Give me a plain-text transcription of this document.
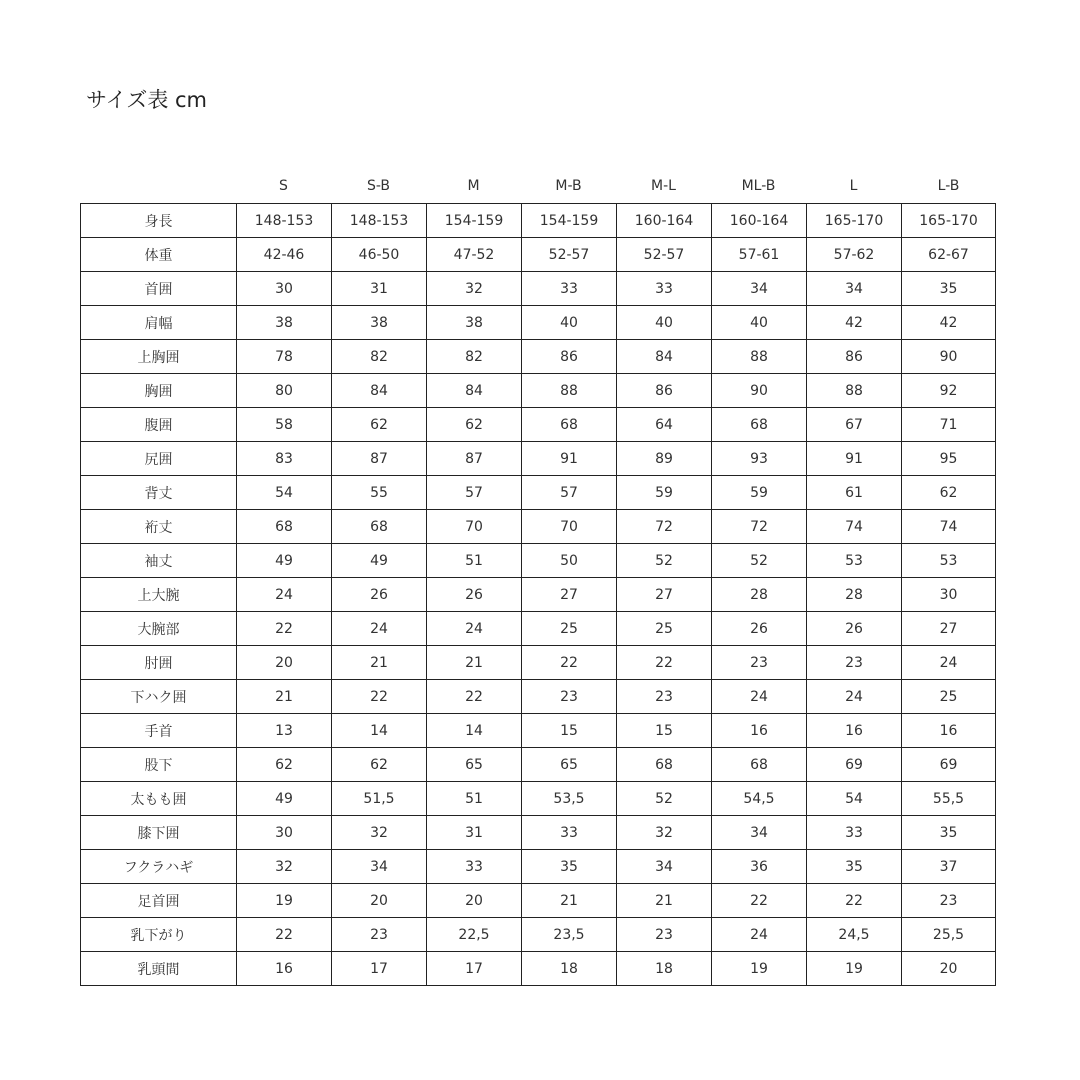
サイズ表 cm
S	S-B	M	M-B	M-L	ML-B	L	L-B
身長	148-153	148-153	154-159	154-159	160-164	160-164	165-170	165-170
体重	42-46	46-50	47-52	52-57	52-57	57-61	57-62	62-67
首囲	30	31	32	33	33	34	34	35
肩幅	38	38	38	40	40	40	42	42
上胸囲	78	82	82	86	84	88	86	90
胸囲	80	84	84	88	86	90	88	92
腹囲	58	62	62	68	64	68	67	71
尻囲	83	87	87	91	89	93	91	95
背丈	54	55	57	57	59	59	61	62
裄丈	68	68	70	70	72	72	74	74
袖丈	49	49	51	50	52	52	53	53
上大腕	24	26	26	27	27	28	28	30
大腕部	22	24	24	25	25	26	26	27
肘囲	20	21	21	22	22	23	23	24
下ハク囲	21	22	22	23	23	24	24	25
手首	13	14	14	15	15	16	16	16
股下	62	62	65	65	68	68	69	69
太もも囲	49	51,5	51	53,5	52	54,5	54	55,5
膝下囲	30	32	31	33	32	34	33	35
フクラハギ	32	34	33	35	34	36	35	37
足首囲	19	20	20	21	21	22	22	23
乳下がり	22	23	22,5	23,5	23	24	24,5	25,5
乳頭間	16	17	17	18	18	19	19	20
